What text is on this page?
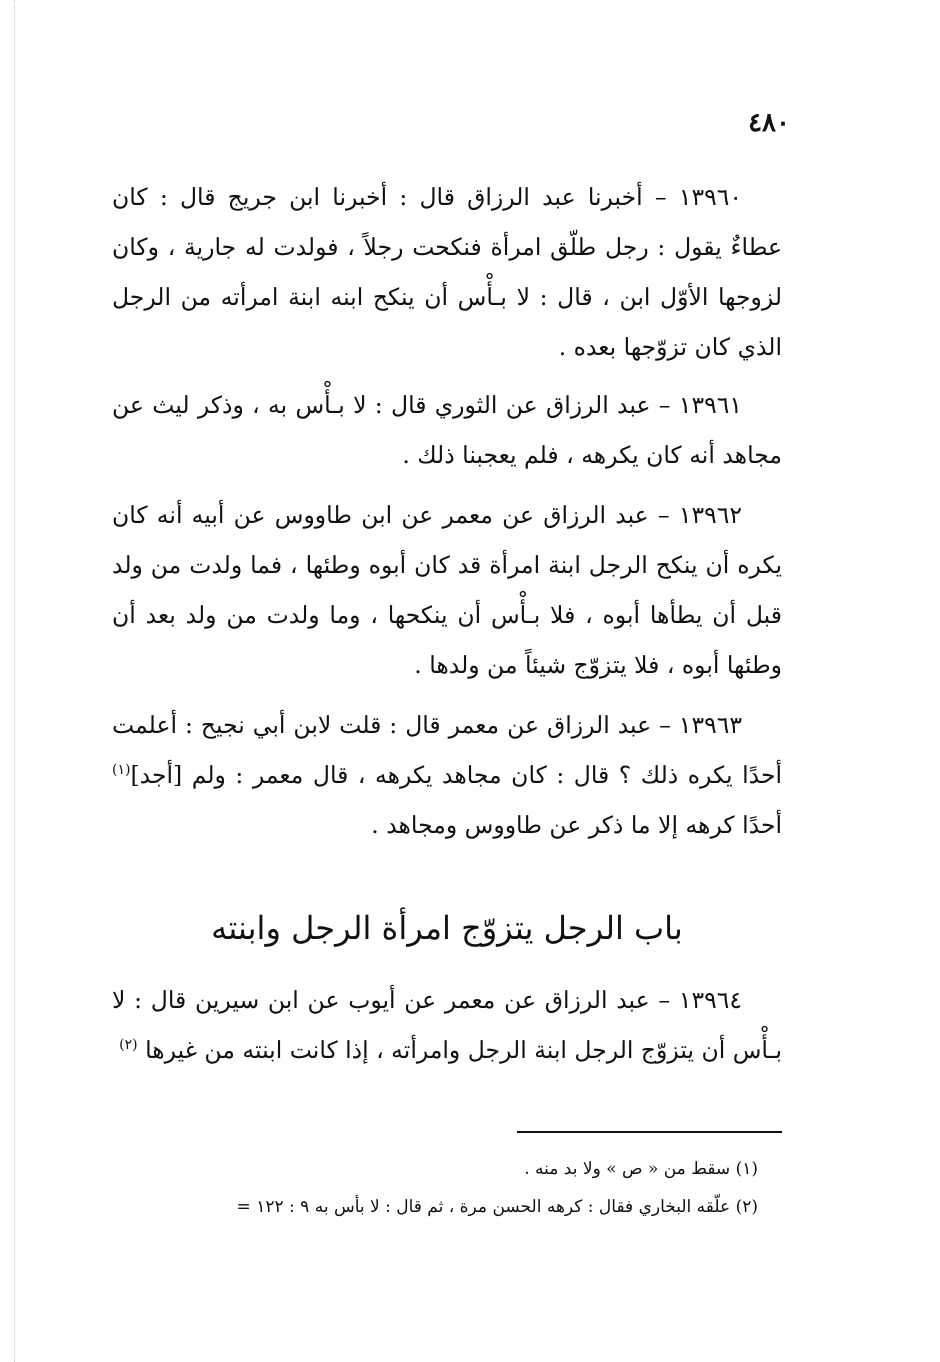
٤٨٠

١٣٩٦٠ – أخبرنا عبد الرزاق قال : أخبرنا ابن جريج قال : كان عطاءٌ يقول : رجل طلّق امرأة فنكحت رجلاً ، فولدت له جارية ، وكان لزوجها الأوّل ابن ، قال : لا بـأْس أن ينكح ابنه ابنة امرأته من الرجل الذي كان تزوّجها بعده .

١٣٩٦١ – عبد الرزاق عن الثوري قال : لا بـأْس به ، وذكر ليث عن مجاهد أنه كان يكرهه ، فلم يعجبنا ذلك .

١٣٩٦٢ – عبد الرزاق عن معمر عن ابن طاووس عن أبيه أنه كان يكره أن ينكح الرجل ابنة امرأة قد كان أبوه وطئها ، فما ولدت من ولد قبل أن يطأها أبوه ، فلا بـأْس أن ينكحها ، وما ولدت من ولد بعد أن وطئها أبوه ، فلا يتزوّج شيئاً من ولدها .

١٣٩٦٣ – عبد الرزاق عن معمر قال : قلت لابن أبي نجيح : أعلمت أحدًا يكره ذلك ؟ قال : كان مجاهد يكرهه ، قال معمر : ولم [أجد]$^{(١)}$ أحدًا كرهه إلا ما ذكر عن طاووس ومجاهد .

باب الرجل يتزوّج امرأة الرجل وابنته

١٣٩٦٤ – عبد الرزاق عن معمر عن أيوب عن ابن سيرين قال : لا بـأْس أن يتزوّج الرجل ابنة الرجل وامرأته ، إذا كانت ابنته من غيرها $^{(٢)}$

(١) سقط من « ص » ولا بد منه .

(٢) علّقه البخاري فقال : كرهه الحسن مرة ، ثم قال : لا بأس به ٩ : ١٢٢ =
